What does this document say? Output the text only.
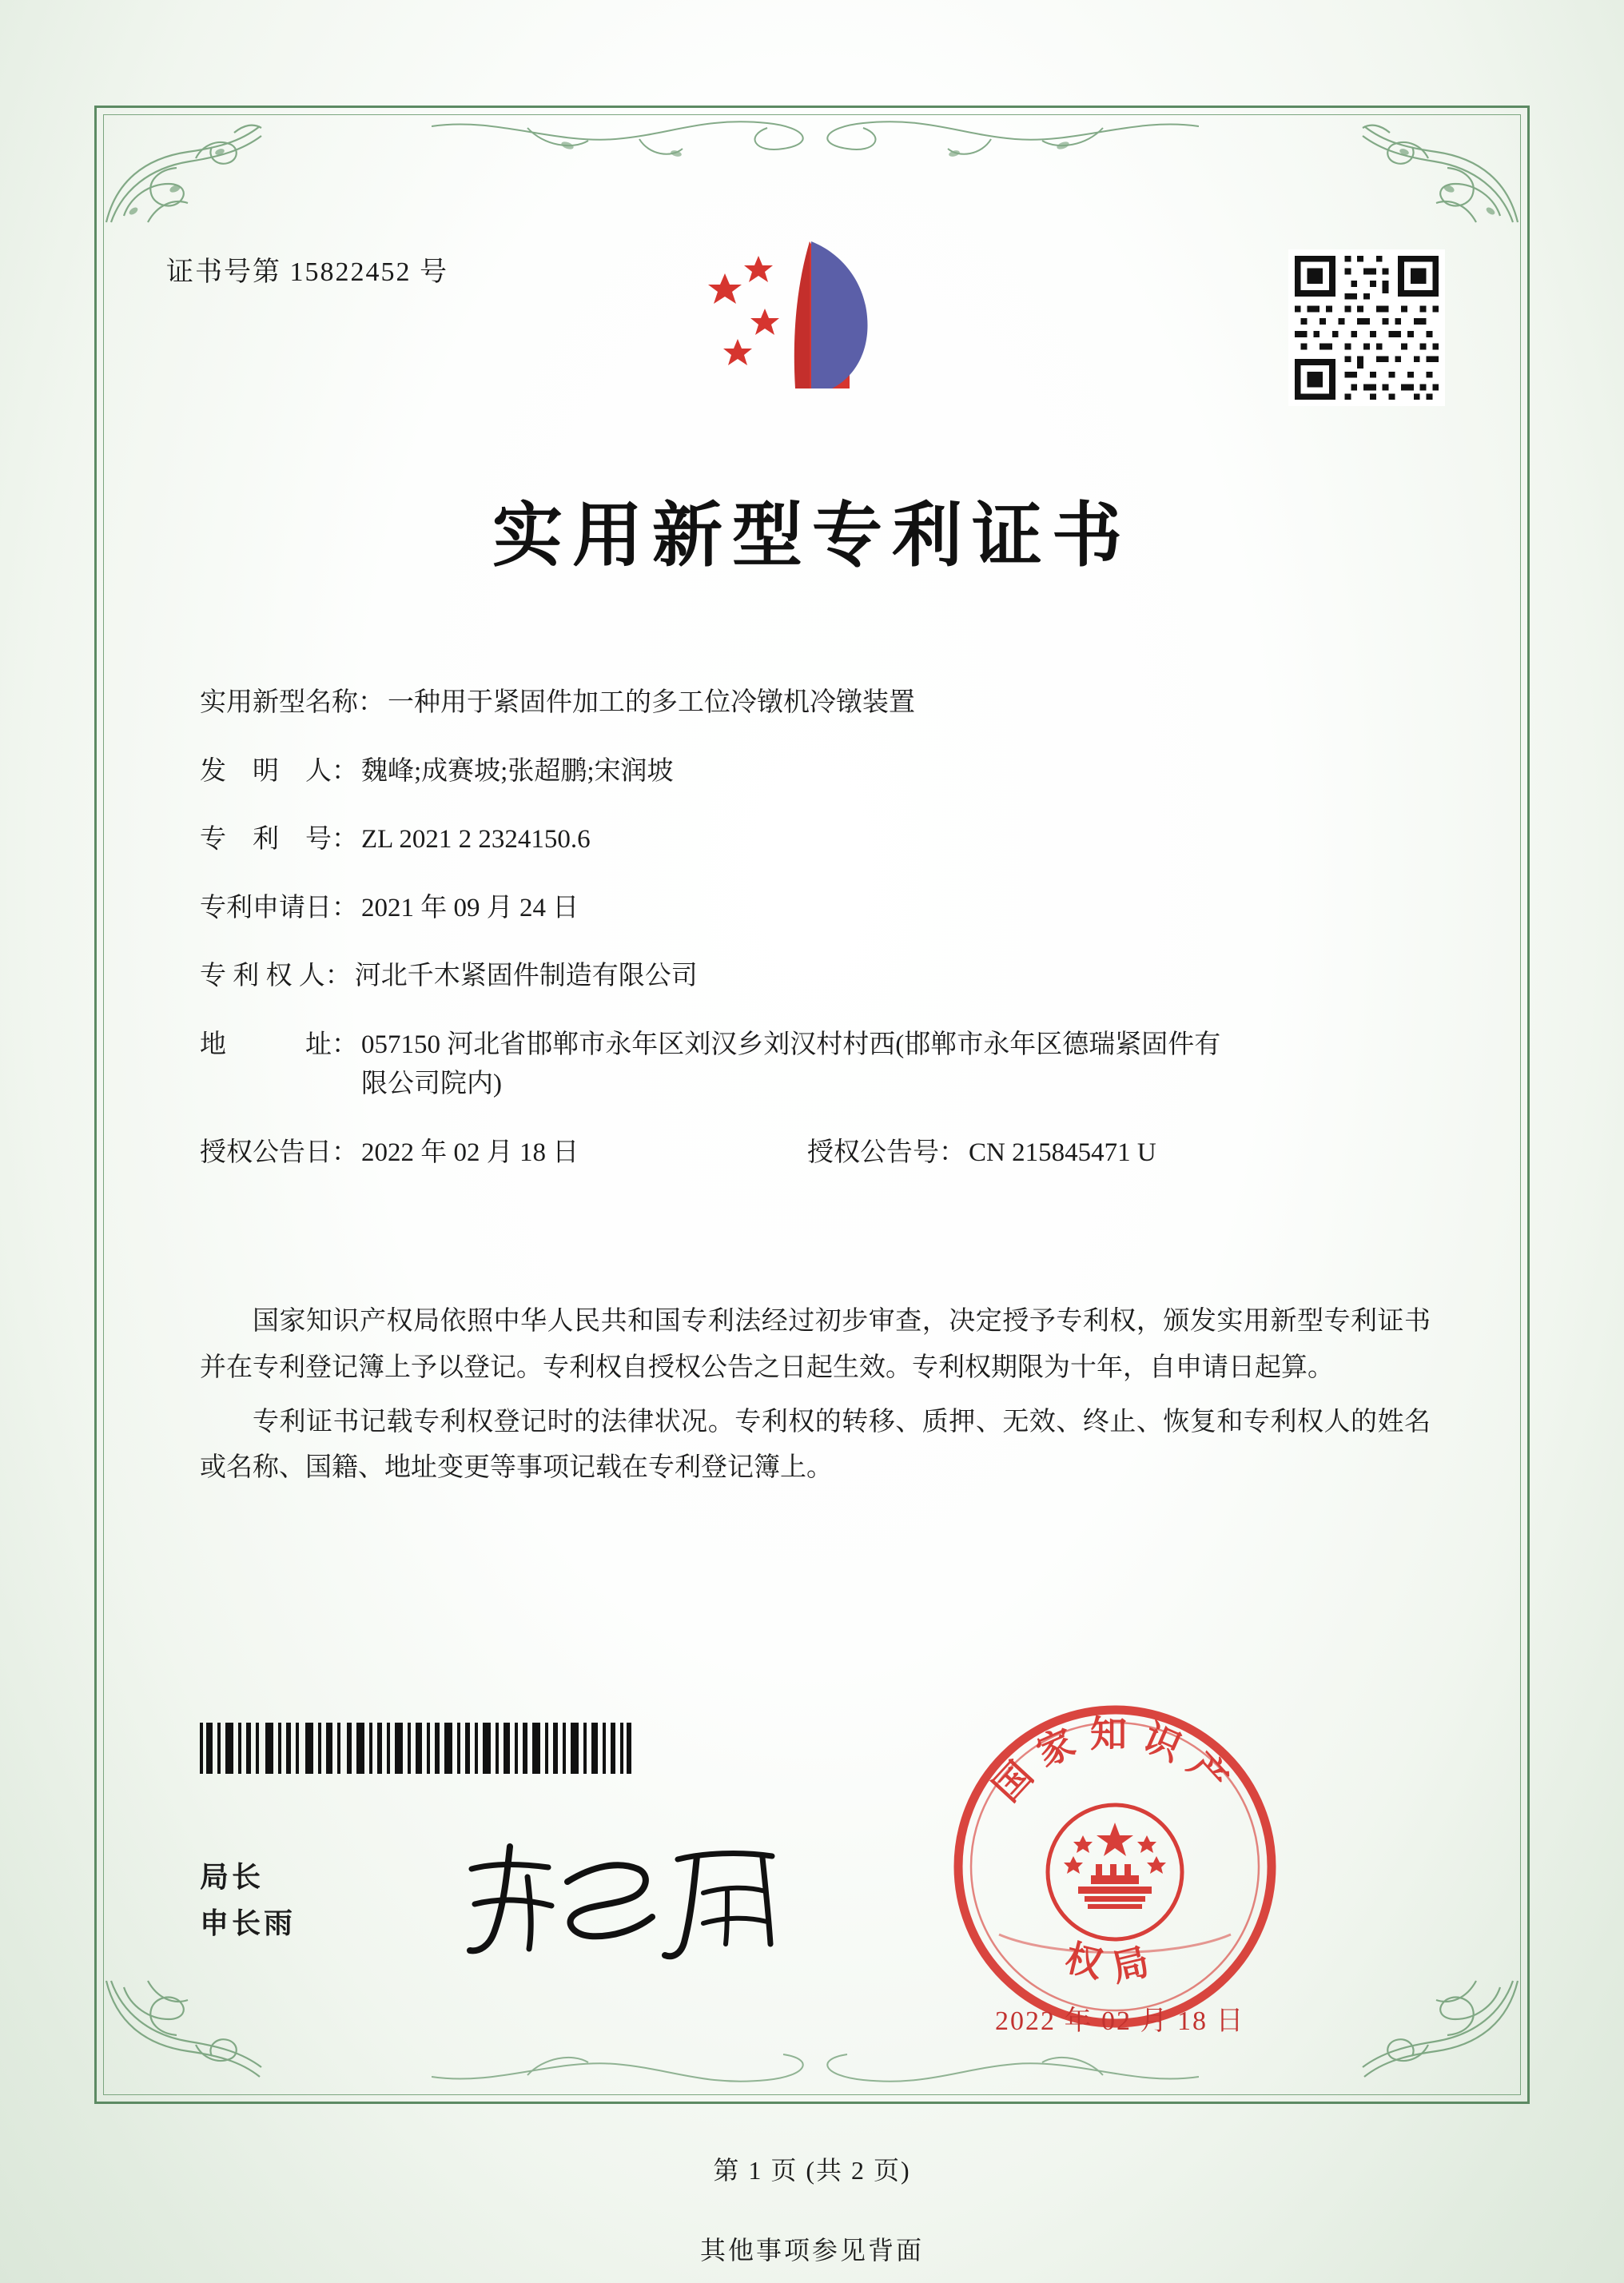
证书号第 15822452 号
实用新型专利证书
实用新型名称： 一种用于紧固件加工的多工位冷镦机冷镦装置
发　明　人： 魏峰;成赛坡;张超鹏;宋润坡
专　利　号： ZL 2021 2 2324150.6
专利申请日： 2021 年 09 月 24 日
专 利 权 人： 河北千木紧固件制造有限公司
地　　　址： 057150 河北省邯郸市永年区刘汉乡刘汉村村西(邯郸市永年区德瑞紧固件有限公司院内)
授权公告日： 2022 年 02 月 18 日	授权公告号： CN 215845471 U

国家知识产权局依照中华人民共和国专利法经过初步审查，决定授予专利权，颁发实用新型专利证书并在专利登记簿上予以登记。专利权自授权公告之日起生效。专利权期限为十年，自申请日起算。

专利证书记载专利权登记时的法律状况。专利权的转移、质押、无效、终止、恢复和专利权人的姓名或名称、国籍、地址变更等事项记载在专利登记簿上。

局长
申长雨
国家知识产
权局
2022 年 02 月 18 日
第 1 页 (共 2 页)
其他事项参见背面
